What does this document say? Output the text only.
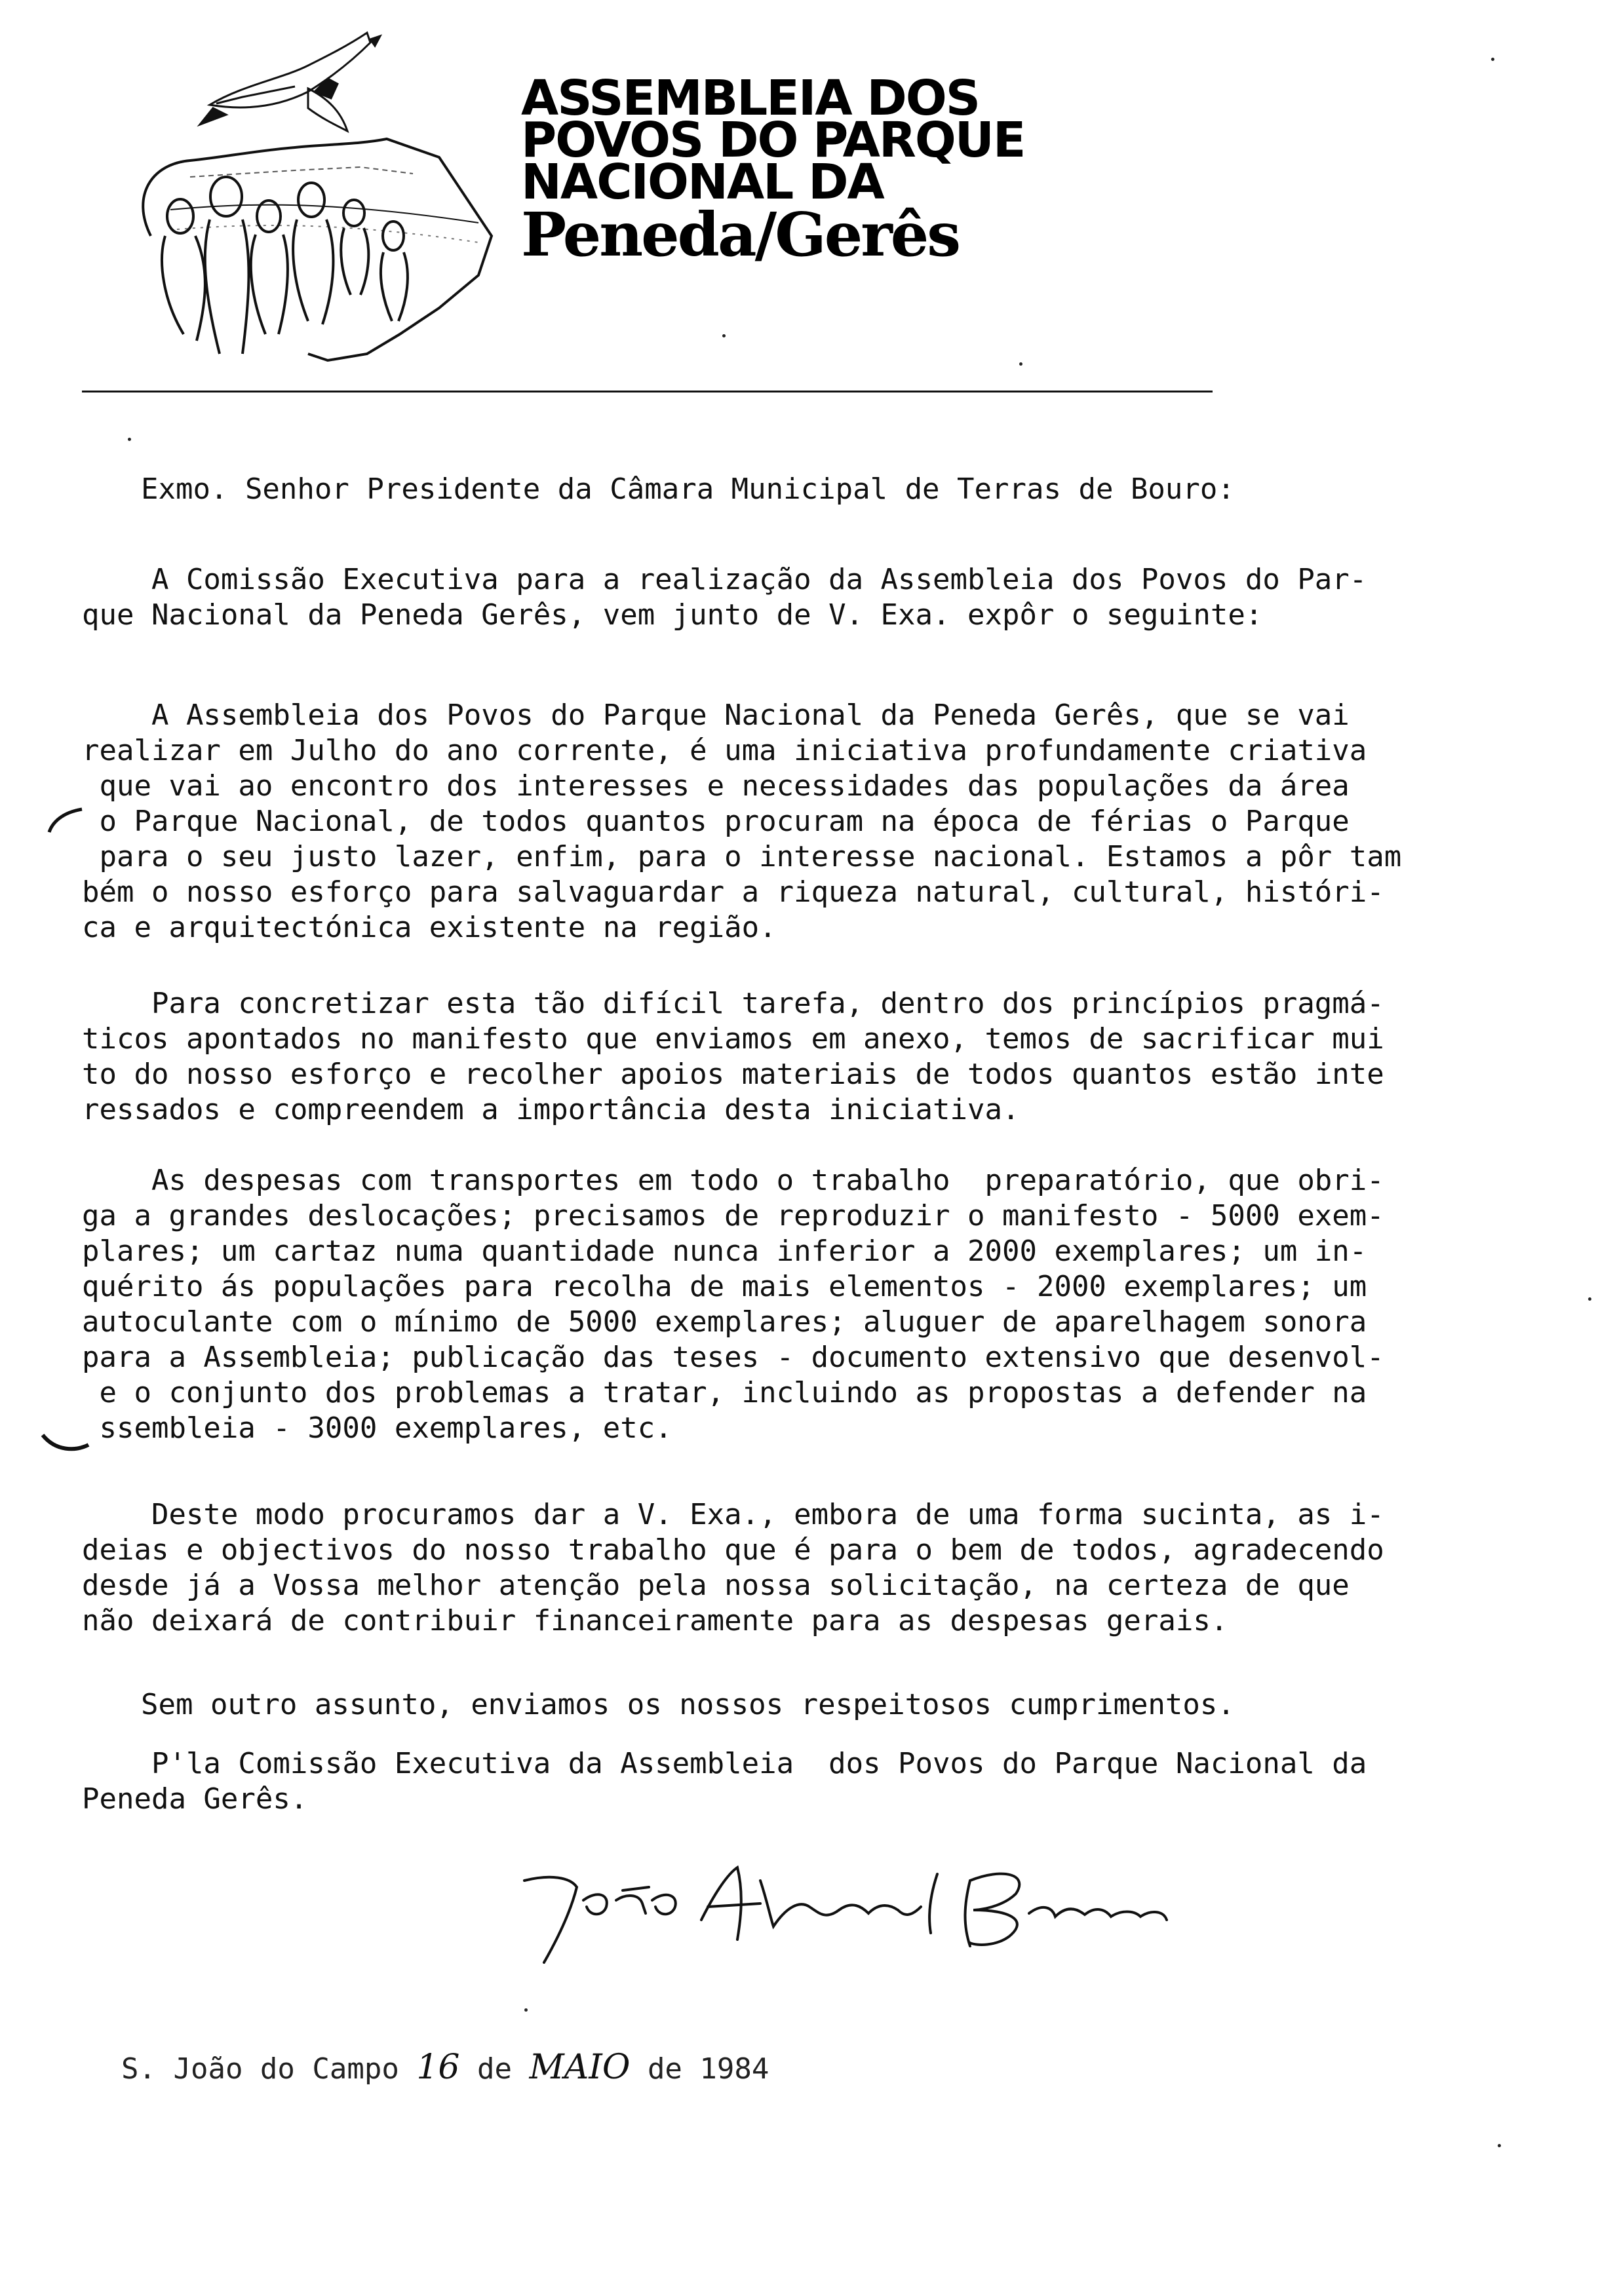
ASSEMBLEIA DOS
POVOS DO PARQUE
NACIONAL DA
Peneda/Gerês

Exmo. Senhor Presidente da Câmara Municipal de Terras de Bouro:

A Comissão Executiva para a realização da Assembleia dos Povos do Par-
que Nacional da Peneda Gerês, vem junto de V. Exa. expôr o seguinte:

A Assembleia dos Povos do Parque Nacional da Peneda Gerês, que se vai
realizar em Julho do ano corrente, é uma iniciativa profundamente criativa
que vai ao encontro dos interesses e necessidades das populações da área
o Parque Nacional, de todos quantos procuram na época de férias o Parque
para o seu justo lazer, enfim, para o interesse nacional. Estamos a pôr tam
bém o nosso esforço para salvaguardar a riqueza natural, cultural, históri-
ca e arquitectónica existente na região.

Para concretizar esta tão difícil tarefa, dentro dos princípios pragmá-
ticos apontados no manifesto que enviamos em anexo, temos de sacrificar mui
to do nosso esforço e recolher apoios materiais de todos quantos estão inte
ressados e compreendem a importância desta iniciativa.

As despesas com transportes em todo o trabalho  preparatório, que obri-
ga a grandes deslocações; precisamos de reproduzir o manifesto - 5000 exem-
plares; um cartaz numa quantidade nunca inferior a 2000 exemplares; um in-
quérito ás populações para recolha de mais elementos - 2000 exemplares; um
autoculante com o mínimo de 5000 exemplares; aluguer de aparelhagem sonora
para a Assembleia; publicação das teses - documento extensivo que desenvol-
e o conjunto dos problemas a tratar, incluindo as propostas a defender na
ssembleia - 3000 exemplares, etc.

Deste modo procuramos dar a V. Exa., embora de uma forma sucinta, as i-
deias e objectivos do nosso trabalho que é para o bem de todos, agradecendo
desde já a Vossa melhor atenção pela nossa solicitação, na certeza de que
não deixará de contribuir financeiramente para as despesas gerais.

Sem outro assunto, enviamos os nossos respeitosos cumprimentos.

P'la Comissão Executiva da Assembleia  dos Povos do Parque Nacional da
Peneda Gerês.

S. João do Campo 16 de MAIO de 1984
